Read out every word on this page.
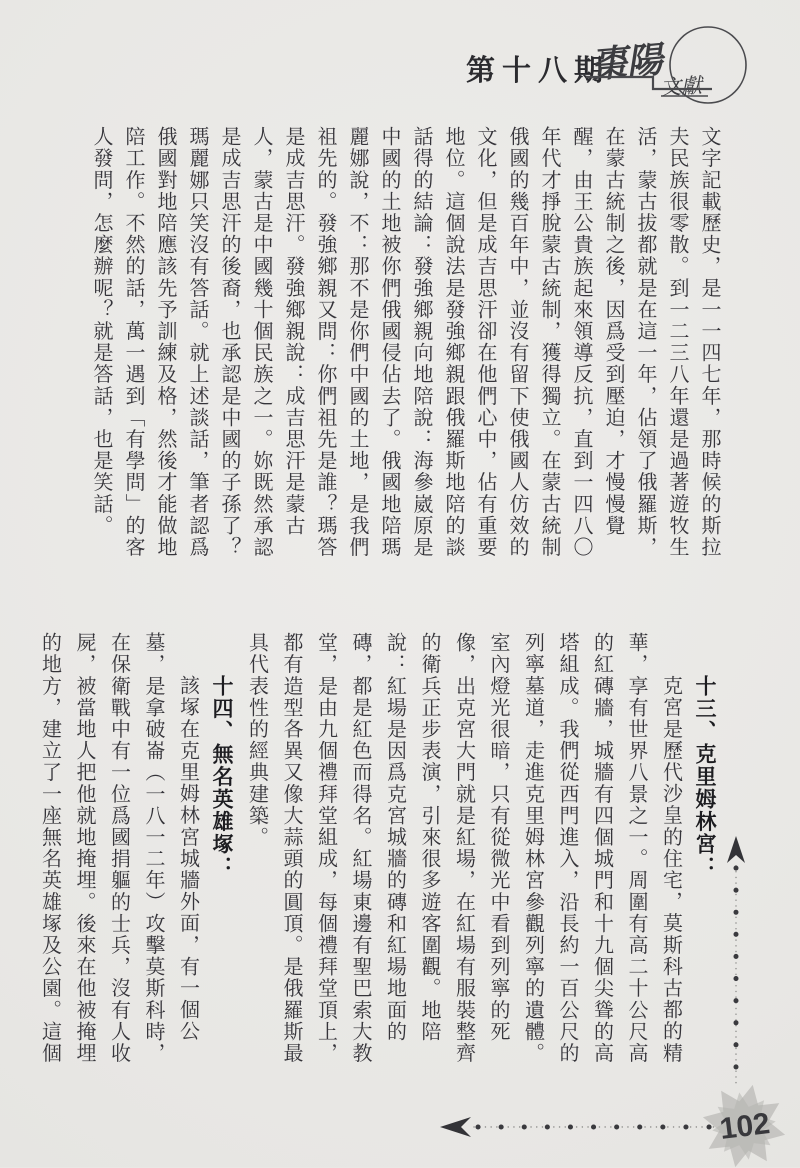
第十八期
棗陽
文獻
文字記載歷史，是一一四七年，那時候的斯拉
夫民族很零散。到一二三八年還是過著遊牧生
活，蒙古拔都就是在這一年，佔領了俄羅斯，
在蒙古統制之後，因爲受到壓迫，才慢慢覺
醒，由王公貴族起來領導反抗，直到一四八〇
年代才掙脫蒙古統制，獲得獨立。在蒙古統制
俄國的幾百年中，並沒有留下使俄國人仿效的
文化，但是成吉思汗卻在他們心中，佔有重要
地位。這個說法是發強鄉親跟俄羅斯地陪的談
話得的結論：發強鄉親向地陪說：海參崴原是
中國的土地被你們俄國侵佔去了。俄國地陪瑪
麗娜說，不：那不是你們中國的土地，是我們
祖先的。發強鄉親又問：你們祖先是誰？瑪答
是成吉思汗。發強鄉親說：成吉思汗是蒙古
人，蒙古是中國幾十個民族之一。妳既然承認
是成吉思汗的後裔，也承認是中國的子孫了？
瑪麗娜只笑沒有答話。就上述談話，筆者認爲
俄國對地陪應該先予訓練及格，然後才能做地
陪工作。不然的話，萬一遇到「有學問」的客
人發問，怎麼辦呢？就是答話，也是笑話。
十三、克里姆林宮：
克宮是歷代沙皇的住宅，莫斯科古都的精
華，享有世界八景之一。周圍有高二十公尺高
的紅磚牆，城牆有四個城門和十九個尖聳的高
塔組成。我們從西門進入，沿長約一百公尺的
列寧墓道，走進克里姆林宮參觀列寧的遺體。
室內燈光很暗，只有從微光中看到列寧的死
像，出克宮大門就是紅場，在紅場有服裝整齊
的衛兵正步表演，引來很多遊客圍觀。地陪
說：紅場是因爲克宮城牆的磚和紅場地面的
磚，都是紅色而得名。紅場東邊有聖巴索大教
堂，是由九個禮拜堂組成，每個禮拜堂頂上，
都有造型各異又像大蒜頭的圓頂。是俄羅斯最
具代表性的經典建築。
十四、無名英雄塚：
該塚在克里姆林宮城牆外面，有一個公
墓，是拿破崙（一八一二年）攻擊莫斯科時，
在保衛戰中有一位爲國捐軀的士兵，沒有人收
屍，被當地人把他就地掩埋。後來在他被掩埋
的地方，建立了一座無名英雄塚及公園。這個
102
